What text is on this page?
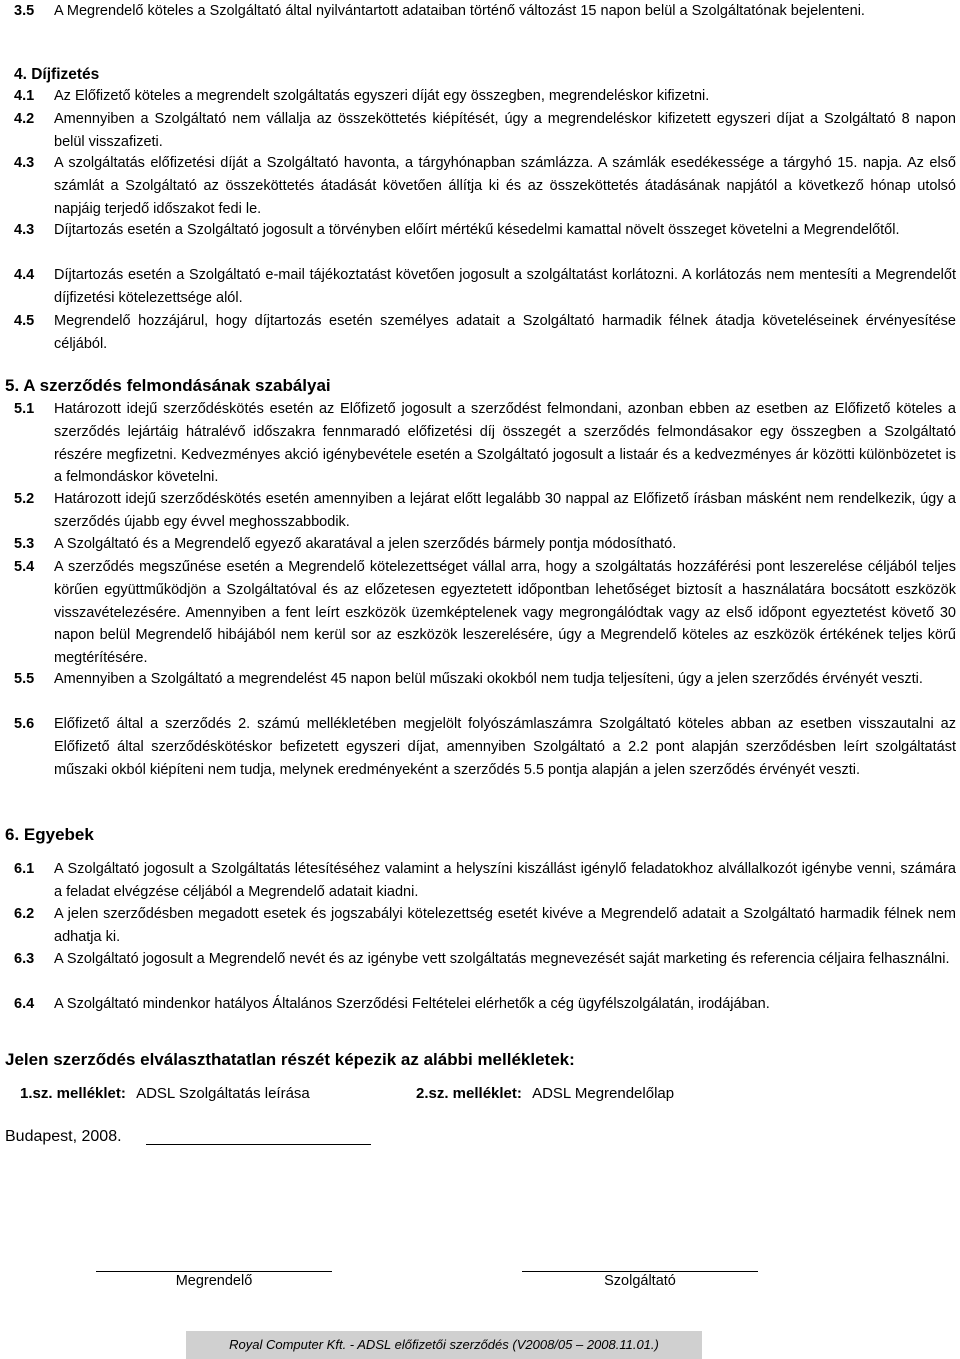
3.5 A Megrendelő köteles a Szolgáltató által nyilvántartott adataiban történő változást 15 napon belül a Szolgáltatónak bejelenteni.
4. Díjfizetés
4.1 Az Előfizető köteles a megrendelt szolgáltatás egyszeri díját egy összegben, megrendeléskor kifizetni.
4.2 Amennyiben a Szolgáltató nem vállalja az összeköttetés kiépítését, úgy a megrendeléskor kifizetett egyszeri díjat a Szolgáltató 8 napon belül visszafizeti.
4.3 A szolgáltatás előfizetési díját a Szolgáltató havonta, a tárgyhónapban számlázza. A számlák esedékessége a tárgyhó 15. napja. Az első számlát a Szolgáltató az összeköttetés átadását követően állítja ki és az összeköttetés átadásának napjától a következő hónap utolsó napjáig terjedő időszakot fedi le.
4.3 Díjtartozás esetén a Szolgáltató jogosult a törvényben előírt mértékű késedelmi kamattal növelt összeget követelni a Megrendelőtől.
4.4 Díjtartozás esetén a Szolgáltató e-mail tájékoztatást követően jogosult a szolgáltatást korlátozni. A korlátozás nem mentesíti a Megrendelőt díjfizetési kötelezettsége alól.
4.5 Megrendelő hozzájárul, hogy díjtartozás esetén személyes adatait a Szolgáltató harmadik félnek átadja követeléseinek érvényesítése céljából.
5. A szerződés felmondásának szabályai
5.1 Határozott idejű szerződéskötés esetén az Előfizető jogosult a szerződést felmondani, azonban ebben az esetben az Előfizető köteles a szerződés lejártáig hátralévő időszakra fennmaradó előfizetési díj összegét a szerződés felmondásakor egy összegben a Szolgáltató részére megfizetni. Kedvezményes akció igénybevétele esetén a Szolgáltató jogosult a listaár és a kedvezményes ár közötti különbözetet is a felmondáskor követelni.
5.2 Határozott idejű szerződéskötés esetén amennyiben a lejárat előtt legalább 30 nappal az Előfizető írásban másként nem rendelkezik, úgy a szerződés újabb egy évvel meghosszabbodik.
5.3 A Szolgáltató és a Megrendelő egyező akaratával a jelen szerződés bármely pontja módosítható.
5.4 A szerződés megszűnése esetén a Megrendelő kötelezettséget vállal arra, hogy a szolgáltatás hozzáférési pont leszerelése céljából teljes körűen együttműködjön a Szolgáltatóval és az előzetesen egyeztetett időpontban lehetőséget biztosít a használatára bocsátott eszközök visszavételezésére. Amennyiben a fent leírt eszközök üzemképtelenek vagy megrongálódtak vagy az első időpont egyeztetést követő 30 napon belül Megrendelő hibájából nem kerül sor az eszközök leszerelésére, úgy a Megrendelő köteles az eszközök értékének teljes körű megtérítésére.
5.5 Amennyiben a Szolgáltató a megrendelést 45 napon belül műszaki okokból nem tudja teljesíteni, úgy a jelen szerződés érvényét veszti.
5.6 Előfizető által a szerződés 2. számú mellékletében megjelölt folyószámlaszámra Szolgáltató köteles abban az esetben visszautalni az Előfizető által szerződéskötéskor befizetett egyszeri díjat, amennyiben Szolgáltató a 2.2 pont alapján szerződésben leírt szolgáltatást műszaki okból kiépíteni nem tudja, melynek eredményeként a szerződés 5.5 pontja alapján a jelen szerződés érvényét veszti.
6. Egyebek
6.1 A Szolgáltató jogosult a Szolgáltatás létesítéséhez valamint a helyszíni kiszállást igénylő feladatokhoz alvállalkozót igénybe venni, számára a feladat elvégzése céljából a Megrendelő adatait kiadni.
6.2 A jelen szerződésben megadott esetek és jogszabályi kötelezettség esetét kivéve a Megrendelő adatait a Szolgáltató harmadik félnek nem adhatja ki.
6.3 A Szolgáltató jogosult a Megrendelő nevét és az igénybe vett szolgáltatás megnevezését saját marketing és referencia céljaira felhasználni.
6.4 A Szolgáltató mindenkor hatályos Általános Szerződési Feltételei elérhetők a cég ügyfélszolgálatán, irodájában.
Jelen szerződés elválaszthatatlan részét képezik az alábbi mellékletek:
1.sz. melléklet: ADSL Szolgáltatás leírása	2.sz. melléklet: ADSL Megrendelőlap
Budapest, 2008.
Megrendelő	Szolgáltató
Royal Computer Kft. - ADSL előfizetői szerződés (V2008/05 – 2008.11.01.)
